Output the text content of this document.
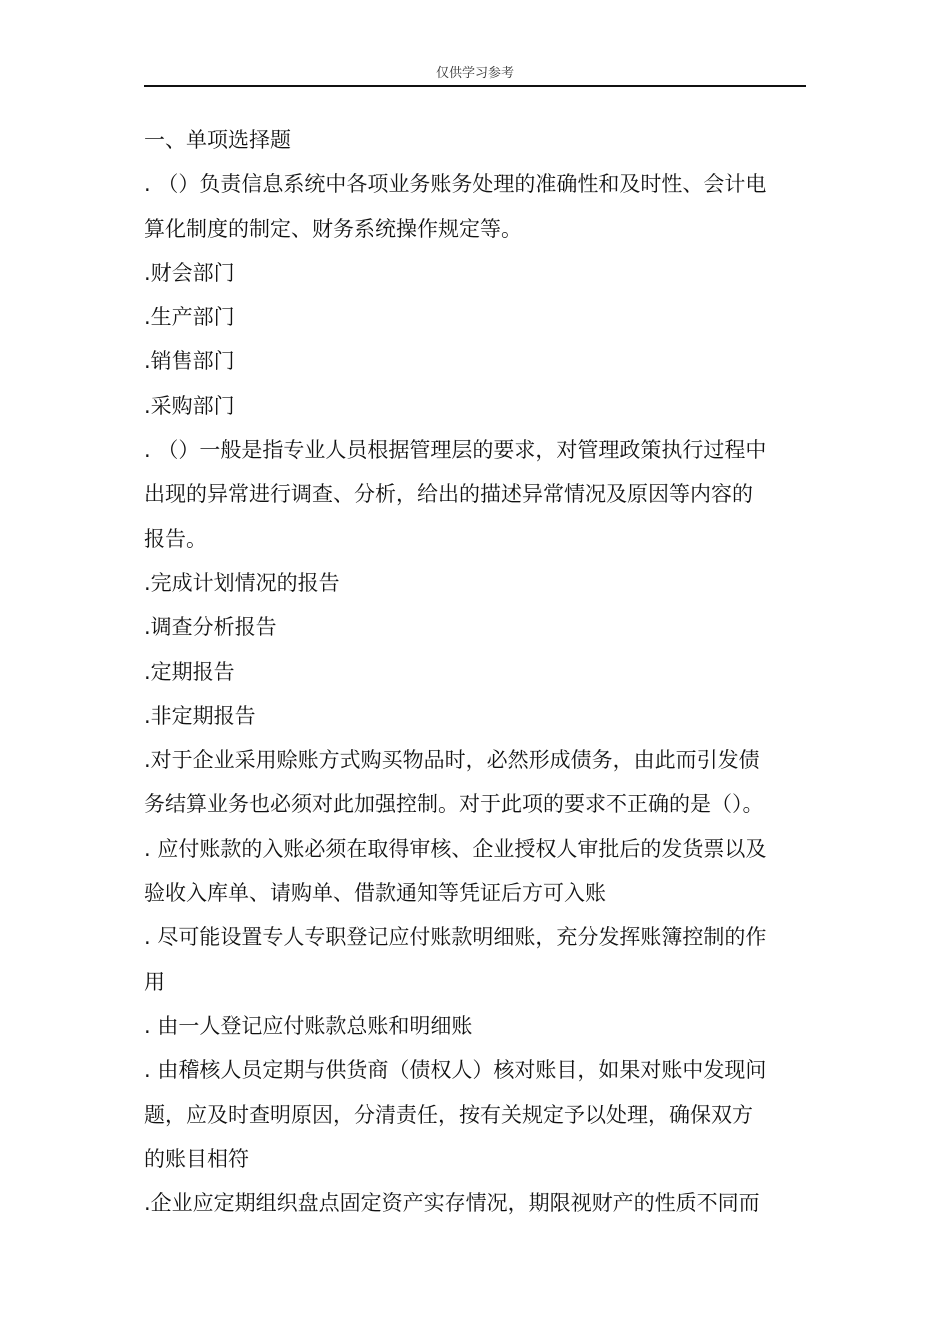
仅供学习参考

一、单项选择题

. （）负责信息系统中各项业务账务处理的准确性和及时性、会计电

算化制度的制定、财务系统操作规定等。

.财会部门

.生产部门

.销售部门

.采购部门

. （）一般是指专业人员根据管理层的要求，对管理政策执行过程中

出现的异常进行调查、分析，给出的描述异常情况及原因等内容的

报告。

.完成计划情况的报告

.调查分析报告

.定期报告

.非定期报告

.对于企业采用赊账方式购买物品时，必然形成债务，由此而引发债

务结算业务也必须对此加强控制。对于此项的要求不正确的是（）。

. 应付账款的入账必须在取得审核、企业授权人审批后的发货票以及

验收入库单、请购单、借款通知等凭证后方可入账

. 尽可能设置专人专职登记应付账款明细账，充分发挥账簿控制的作

用

. 由一人登记应付账款总账和明细账

. 由稽核人员定期与供货商（债权人）核对账目，如果对账中发现问

题，应及时查明原因，分清责任，按有关规定予以处理，确保双方

的账目相符

.企业应定期组织盘点固定资产实存情况，期限视财产的性质不同而
